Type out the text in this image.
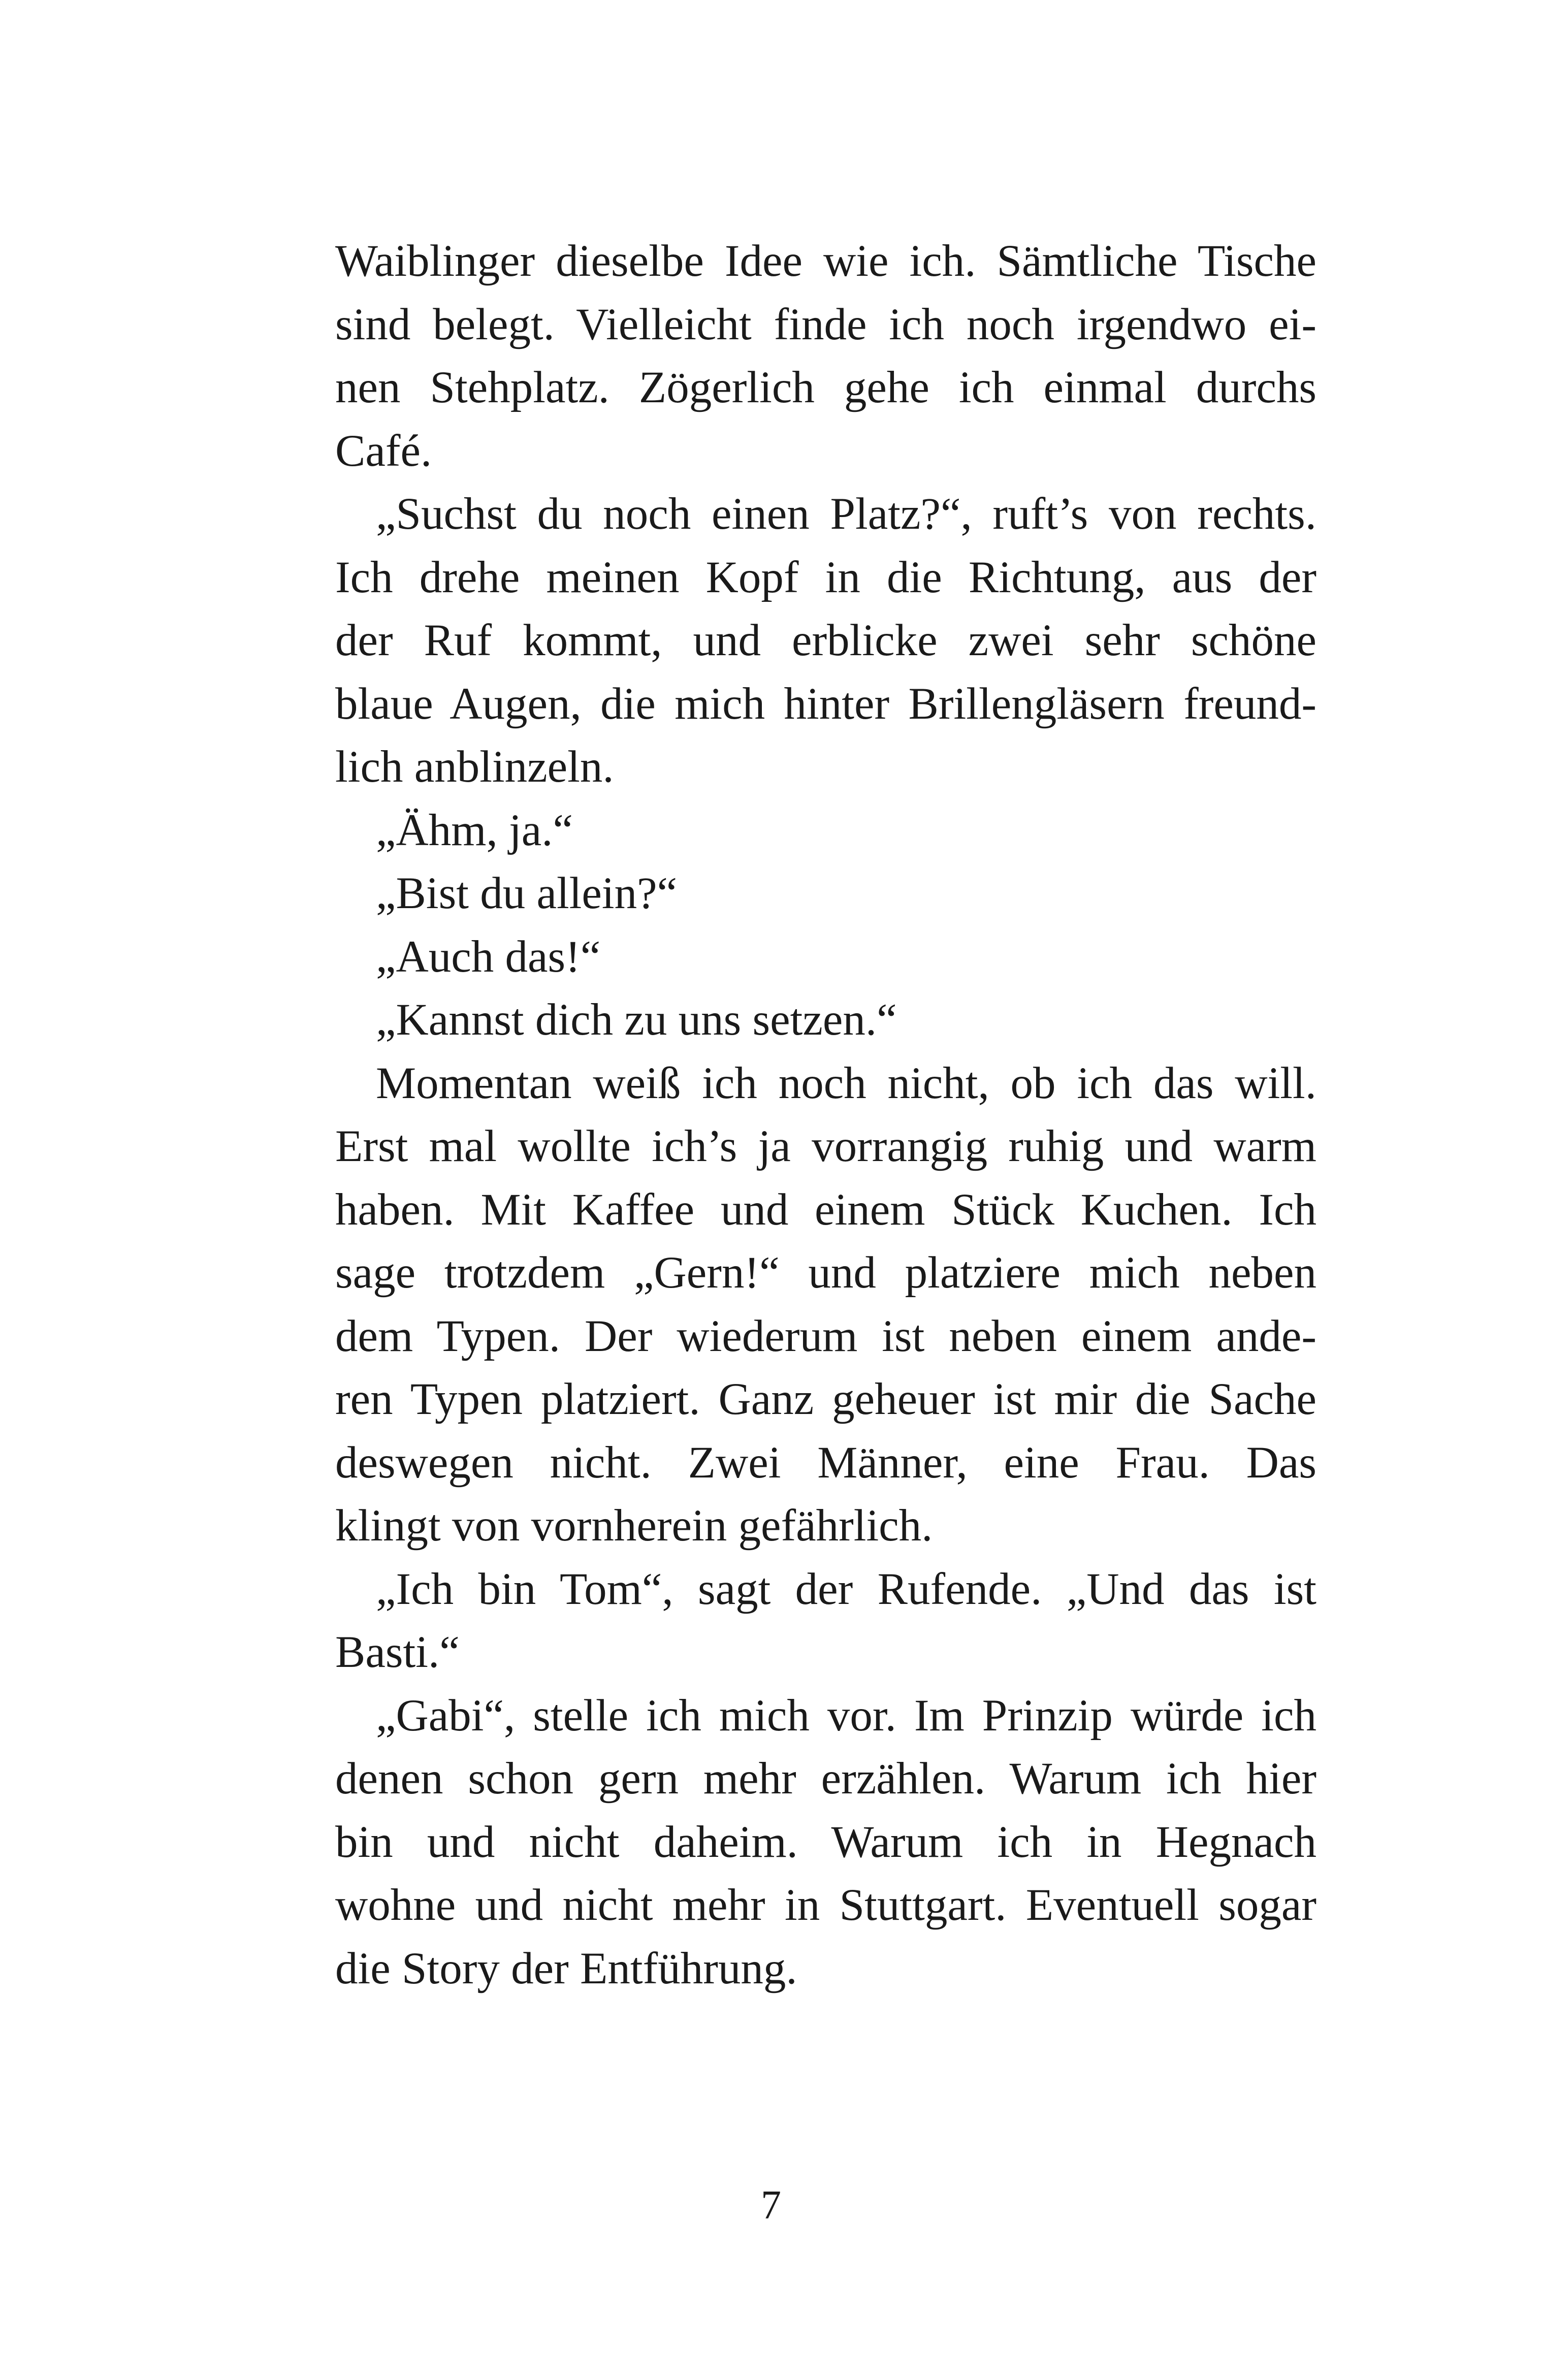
Waiblinger dieselbe Idee wie ich. Sämtliche Tische
sind belegt. Vielleicht finde ich noch irgendwo ei-
nen Stehplatz. Zögerlich gehe ich einmal durchs
Café.
„Suchst du noch einen Platz?“, ruft’s von rechts.
Ich drehe meinen Kopf in die Richtung, aus der
der Ruf kommt, und erblicke zwei sehr schöne
blaue Augen, die mich hinter Brillengläsern freund-
lich anblinzeln.
„Ähm, ja.“
„Bist du allein?“
„Auch das!“
„Kannst dich zu uns setzen.“
Momentan weiß ich noch nicht, ob ich das will.
Erst mal wollte ich’s ja vorrangig ruhig und warm
haben. Mit Kaffee und einem Stück Kuchen. Ich
sage trotzdem „Gern!“ und platziere mich neben
dem Typen. Der wiederum ist neben einem ande-
ren Typen platziert. Ganz geheuer ist mir die Sache
deswegen nicht. Zwei Männer, eine Frau. Das
klingt von vornherein gefährlich.
„Ich bin Tom“, sagt der Rufende. „Und das ist
Basti.“
„Gabi“, stelle ich mich vor. Im Prinzip würde ich
denen schon gern mehr erzählen. Warum ich hier
bin und nicht daheim. Warum ich in Hegnach
wohne und nicht mehr in Stuttgart. Eventuell sogar
die Story der Entführung.
7
